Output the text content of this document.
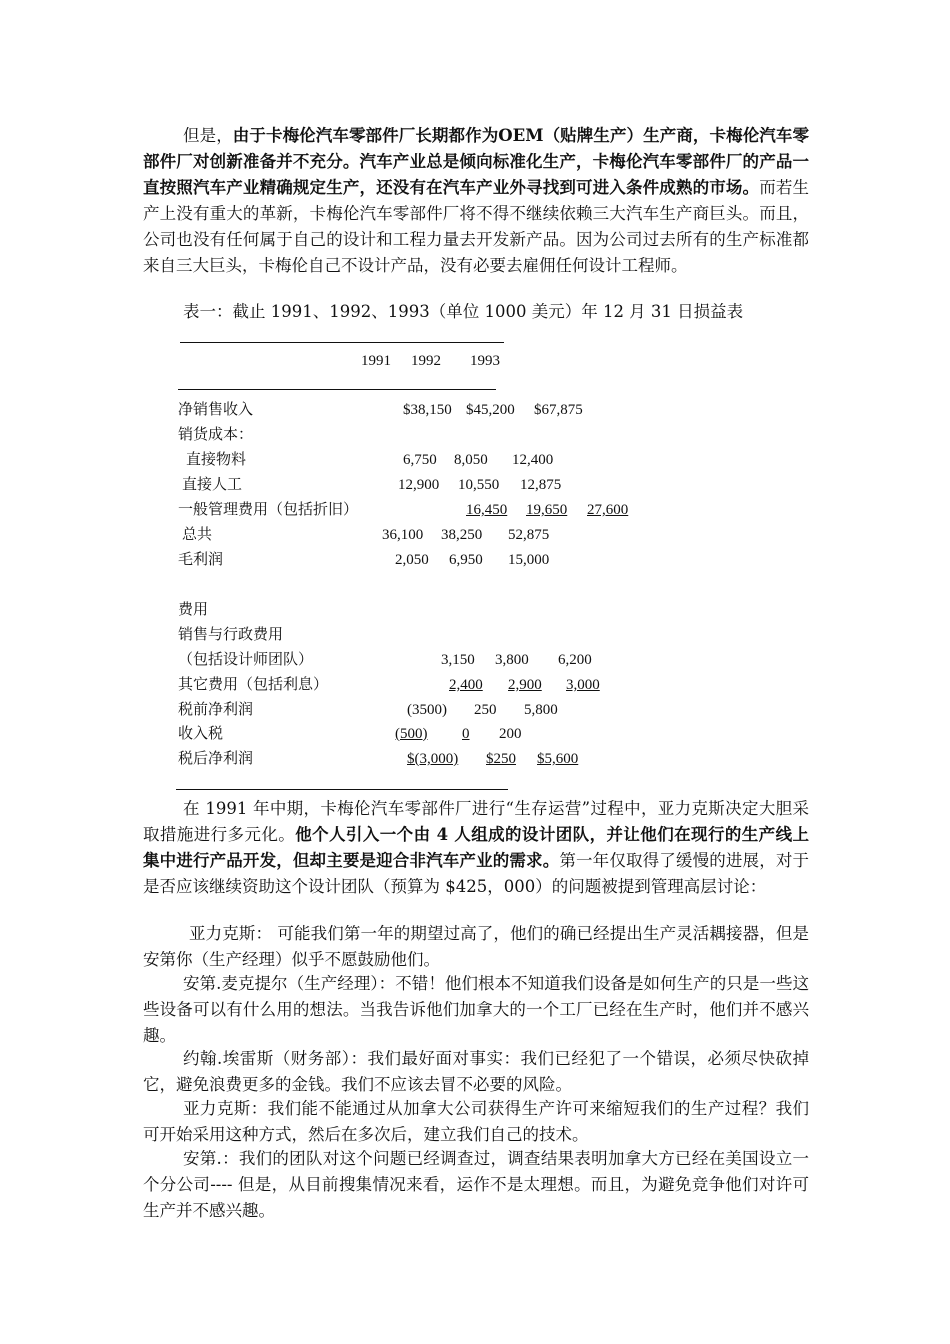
但是，由于卡梅伦汽车零部件厂长期都作为OEM（贴牌生产）生产商，卡梅伦汽车零部件厂对创新准备并不充分。汽车产业总是倾向标准化生产，卡梅伦汽车零部件厂的产品一直按照汽车产业精确规定生产，还没有在汽车产业外寻找到可进入条件成熟的市场。而若生产上没有重大的革新，卡梅伦汽车零部件厂将不得不继续依赖三大汽车生产商巨头。而且，公司也没有任何属于自己的设计和工程力量去开发新产品。因为公司过去所有的生产标准都来自三大巨头，卡梅伦自己不设计产品，没有必要去雇佣任何设计工程师。

表一：截止 1991、1992、1993（单位 1000 美元）年 12 月 31 日损益表
1991 1992 1993
净销售收入	$38,150 $45,200 $67,875
销货成本：
直接物料	6,750 8,050 12,400
直接人工	12,900 10,550 12,875
一般管理费用（包括折旧）	16,450 19,650 27,600
总共	36,100 38,250 52,875
毛利润	2,050 6,950 15,000
费用
销售与行政费用
（包括设计师团队）	3,150 3,800 6,200
其它费用（包括利息）	2,400 2,900 3,000
税前净利润	(3500) 250 5,800
收入税	(500) 0 200
税后净利润	$(3,000) $250 $5,600

在 1991 年中期，卡梅伦汽车零部件厂进行“生存运营”过程中，亚力克斯决定大胆采取措施进行多元化。他个人引入一个由 4 人组成的设计团队，并让他们在现行的生产线上集中进行产品开发，但却主要是迎合非汽车产业的需求。第一年仅取得了缓慢的进展，对于是否应该继续资助这个设计团队（预算为 $425，000）的问题被提到管理高层讨论：

亚力克斯： 可能我们第一年的期望过高了，他们的确已经提出生产灵活耦接器，但是安第你（生产经理）似乎不愿鼓励他们。

安第.麦克提尔（生产经理）：不错！他们根本不知道我们设备是如何生产的只是一些这些设备可以有什么用的想法。当我告诉他们加拿大的一个工厂已经在生产时，他们并不感兴趣。

约翰.埃雷斯（财务部）：我们最好面对事实：我们已经犯了一个错误，必须尽快砍掉它，避免浪费更多的金钱。我们不应该去冒不必要的风险。

亚力克斯：我们能不能通过从加拿大公司获得生产许可来缩短我们的生产过程？我们可开始采用这种方式，然后在多次后，建立我们自己的技术。

安第.：我们的团队对这个问题已经调查过，调查结果表明加拿大方已经在美国设立一个分公司---- 但是，从目前搜集情况来看，运作不是太理想。而且，为避免竞争他们对许可生产并不感兴趣。
